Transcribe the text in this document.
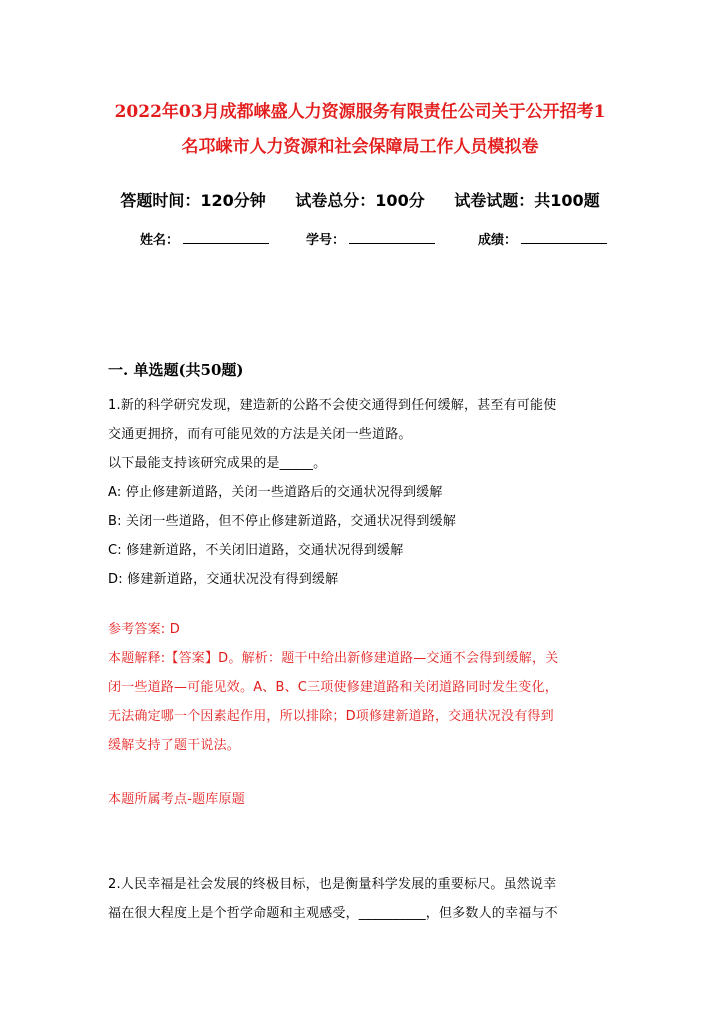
2022年03月成都崃盛人力资源服务有限责任公司关于公开招考1
名邛崃市人力资源和社会保障局工作人员模拟卷
答题时间：120分钟 试卷总分：100分 试卷试题：共100题
姓名：	学号：	成绩：
一. 单选题(共50题)
1.新的科学研究发现，建造新的公路不会使交通得到任何缓解，甚至有可能使
交通更拥挤，而有可能见效的方法是关闭一些道路。
以下最能支持该研究成果的是_____。
A: 停止修建新道路，关闭一些道路后的交通状况得到缓解
B: 关闭一些道路，但不停止修建新道路，交通状况得到缓解
C: 修建新道路，不关闭旧道路，交通状况得到缓解
D: 修建新道路，交通状况没有得到缓解
参考答案: D
本题解释:【答案】D。解析：题干中给出新修建道路—交通不会得到缓解，关
闭一些道路—可能见效。A、B、C三项使修建道路和关闭道路同时发生变化，
无法确定哪一个因素起作用，所以排除；D项修建新道路，交通状况没有得到
缓解支持了题干说法。
本题所属考点-题库原题
2.人民幸福是社会发展的终极目标，也是衡量科学发展的重要标尺。虽然说幸
福在很大程度上是个哲学命题和主观感受，__________，但多数人的幸福与不
